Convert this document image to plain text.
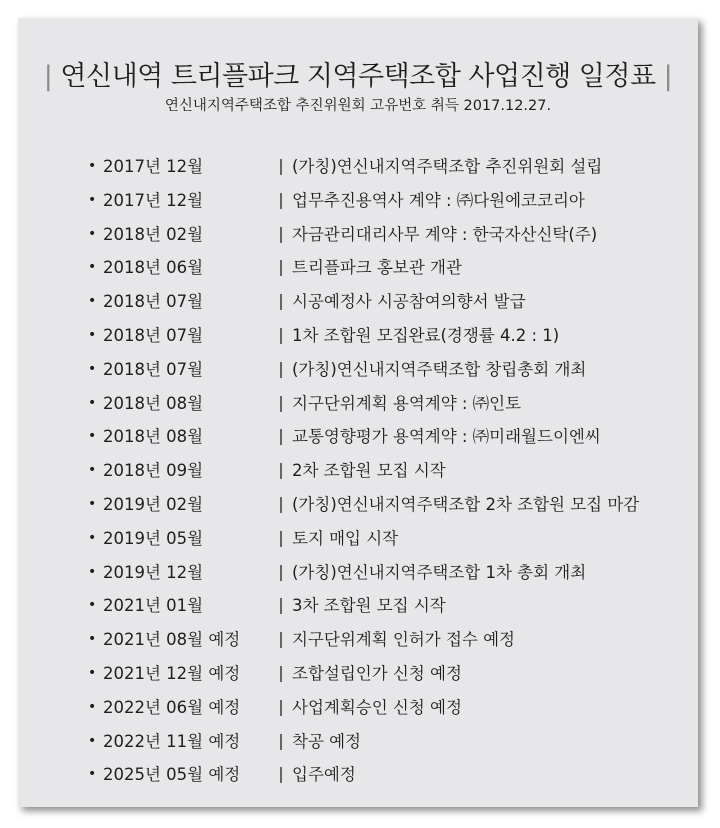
| 연신내역 트리플파크 지역주택조합 사업진행 일정표 |
연신내지역주택조합 추진위원회 고유번호 취득 2017.12.27.
• 2017년 12월	(가칭)연신내지역주택조합 추진위원회 설립
• 2017년 12월	업무추진용역사 계약 : ㈜다원에코코리아
• 2018년 02월	자금관리대리사무 계약 : 한국자산신탁(주)
• 2018년 06월	트리플파크 홍보관 개관
• 2018년 07월	시공예정사 시공참여의향서 발급
• 2018년 07월	1차 조합원 모집완료(경쟁률 4.2 : 1)
• 2018년 07월	(가칭)연신내지역주택조합 창립총회 개최
• 2018년 08월	지구단위계획 용역계약 : ㈜인토
• 2018년 08월	교통영향평가 용역계약 : ㈜미래월드이엔씨
• 2018년 09월	2차 조합원 모집 시작
• 2019년 02월	(가칭)연신내지역주택조합 2차 조합원 모집 마감
• 2019년 05월	토지 매입 시작
• 2019년 12월	(가칭)연신내지역주택조합 1차 총회 개최
• 2021년 01월	3차 조합원 모집 시작
• 2021년 08월 예정	지구단위계획 인허가 접수 예정
• 2021년 12월 예정	조합설립인가 신청 예정
• 2022년 06월 예정	사업계획승인 신청 예정
• 2022년 11월 예정	착공 예정
• 2025년 05월 예정	입주예정
